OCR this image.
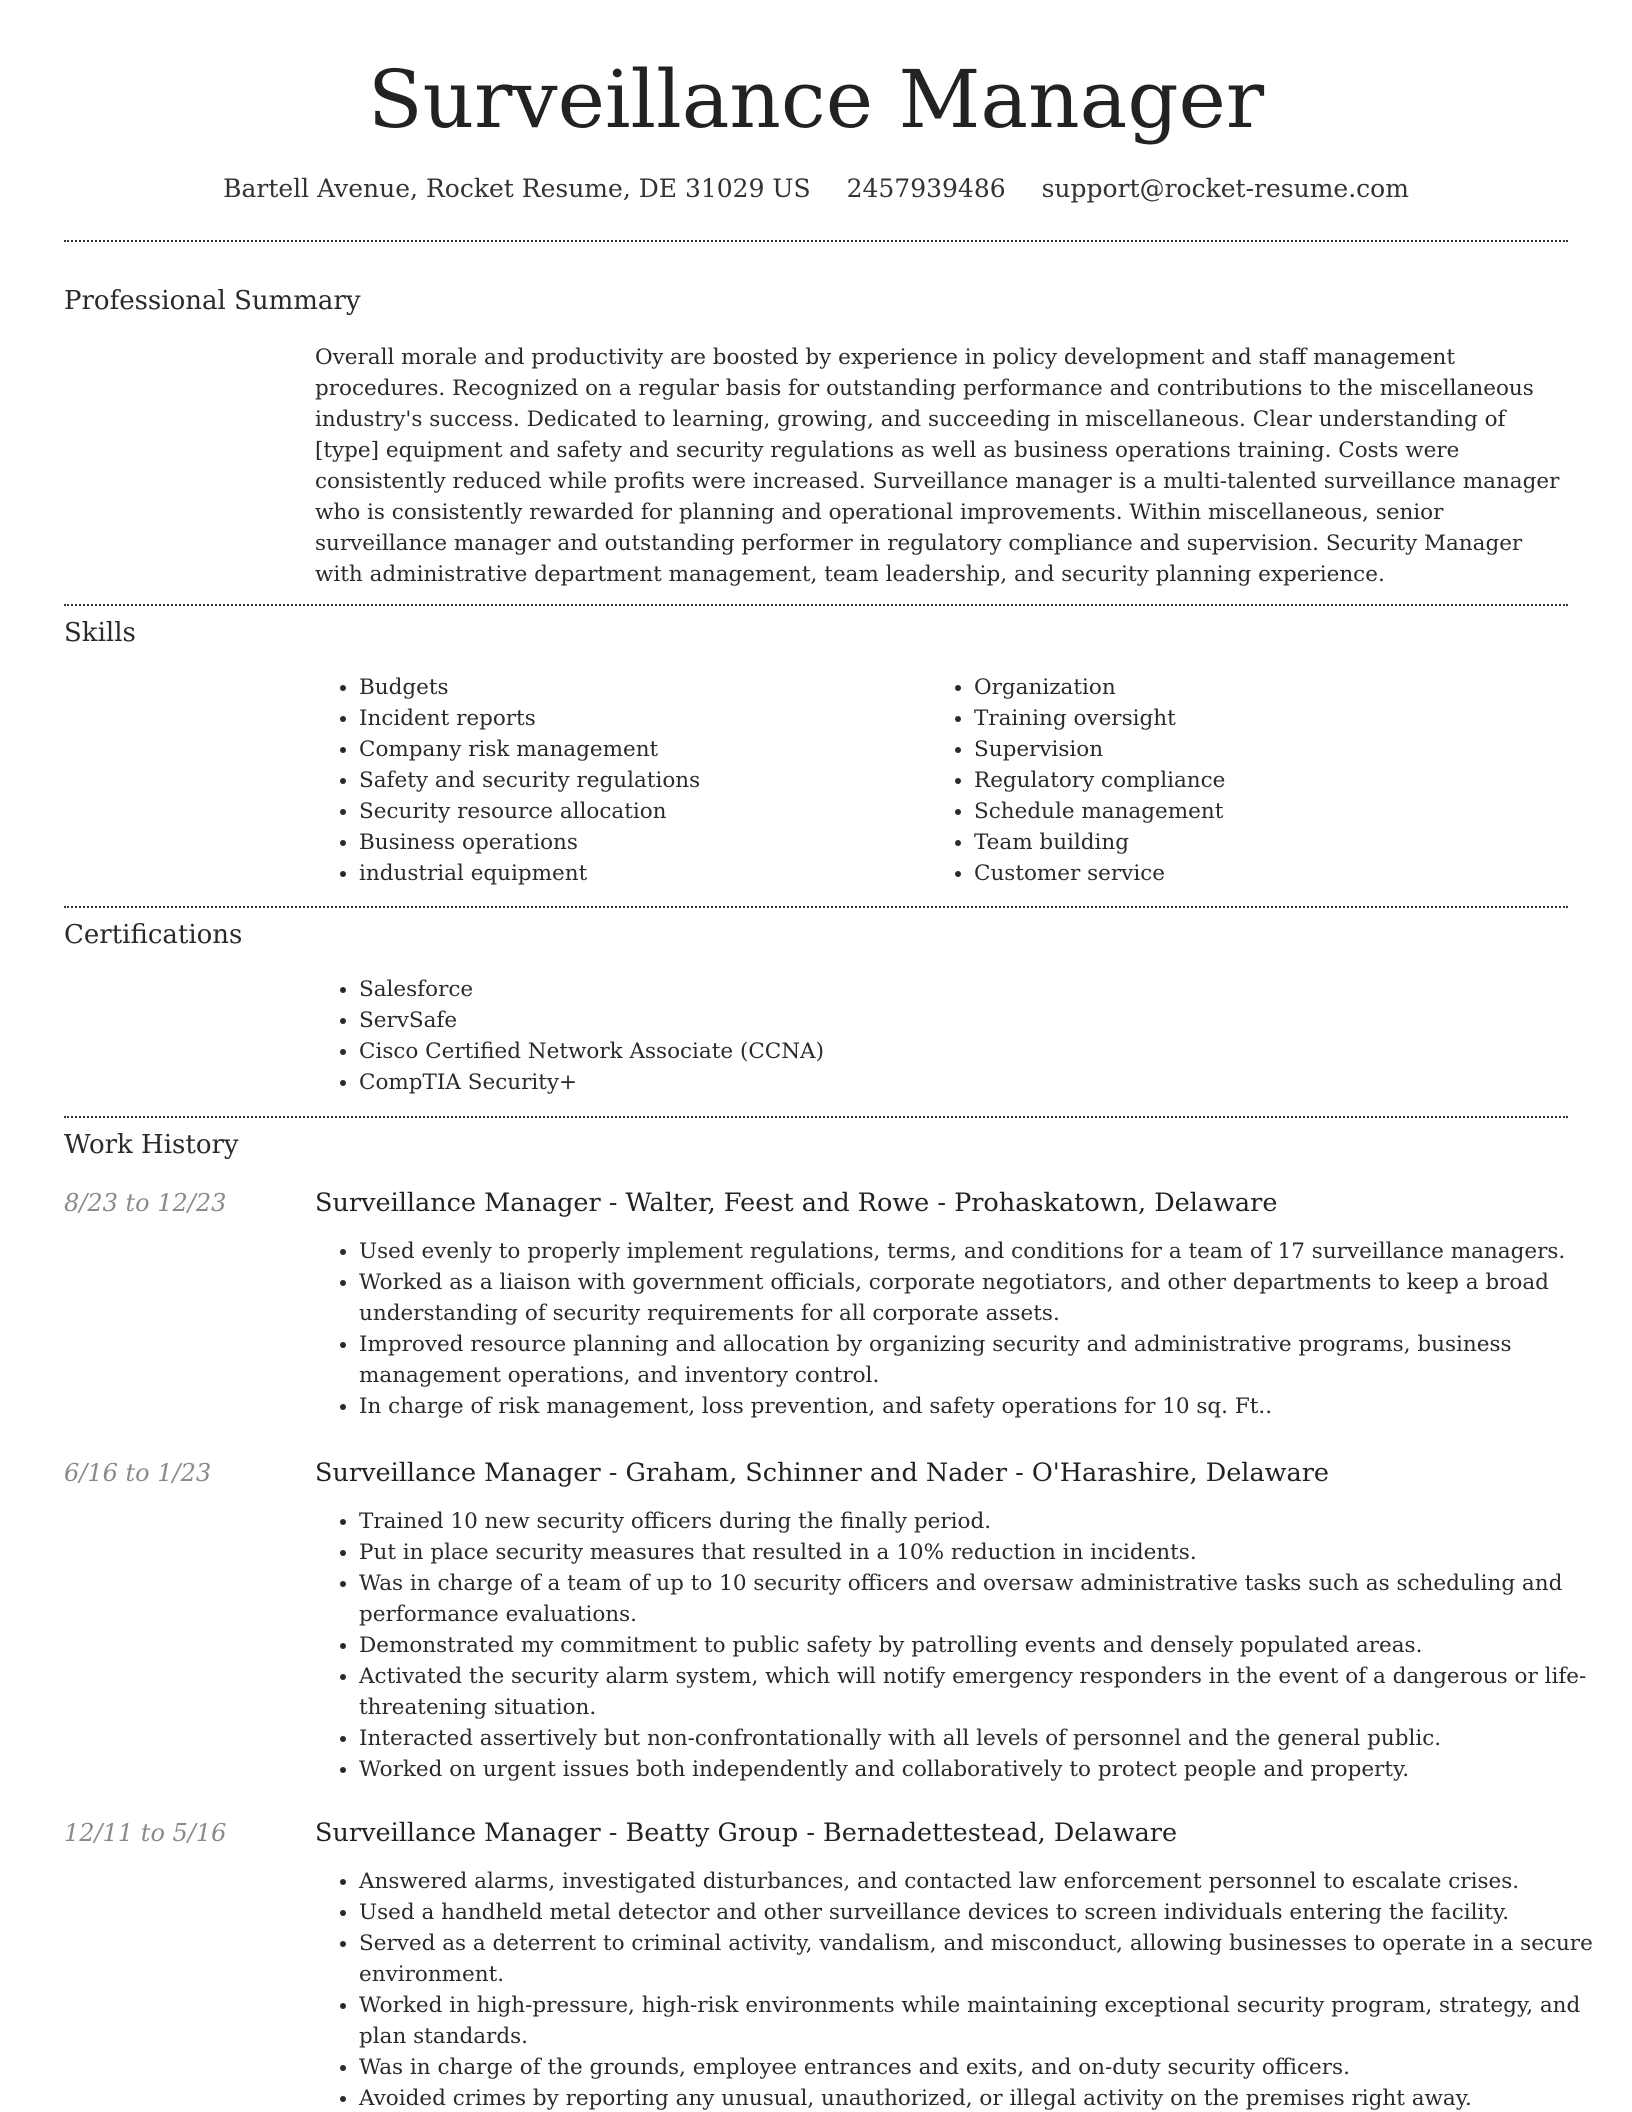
Surveillance Manager
Bartell Avenue, Rocket Resume, DE 31029 US 2457939486 support@rocket-resume.com
Professional Summary

Overall morale and productivity are boosted by experience in policy development and staff management procedures. Recognized on a regular basis for outstanding performance and contributions to the miscellaneous industry's success. Dedicated to learning, growing, and succeeding in miscellaneous. Clear understanding of [type] equipment and safety and security regulations as well as business operations training. Costs were consistently reduced while profits were increased. Surveillance manager is a multi-talented surveillance manager who is consistently rewarded for planning and operational improvements. Within miscellaneous, senior surveillance manager and outstanding performer in regulatory compliance and supervision. Security Manager with administrative department management, team leadership, and security planning experience.

Skills
• Budgets
• Incident reports
• Company risk management
• Safety and security regulations
• Security resource allocation
• Business operations
• industrial equipment
• Organization
• Training oversight
• Supervision
• Regulatory compliance
• Schedule management
• Team building
• Customer service
Certifications
• Salesforce
• ServSafe
• Cisco Certified Network Associate (CCNA)
• CompTIA Security+
Work History
8/23 to 12/23	Surveillance Manager - Walter, Feest and Rowe - Prohaskatown, Delaware
• Used evenly to properly implement regulations, terms, and conditions for a team of 17 surveillance managers.
• Worked as a liaison with government officials, corporate negotiators, and other departments to keep a broad understanding of security requirements for all corporate assets.
• Improved resource planning and allocation by organizing security and administrative programs, business management operations, and inventory control.
• In charge of risk management, loss prevention, and safety operations for 10 sq. Ft..
6/16 to 1/23	Surveillance Manager - Graham, Schinner and Nader - O'Harashire, Delaware
• Trained 10 new security officers during the finally period.
• Put in place security measures that resulted in a 10% reduction in incidents.
• Was in charge of a team of up to 10 security officers and oversaw administrative tasks such as scheduling and performance evaluations.
• Demonstrated my commitment to public safety by patrolling events and densely populated areas.
• Activated the security alarm system, which will notify emergency responders in the event of a dangerous or life-threatening situation.
• Interacted assertively but non-confrontationally with all levels of personnel and the general public.
• Worked on urgent issues both independently and collaboratively to protect people and property.
12/11 to 5/16	Surveillance Manager - Beatty Group - Bernadettestead, Delaware
• Answered alarms, investigated disturbances, and contacted law enforcement personnel to escalate crises.
• Used a handheld metal detector and other surveillance devices to screen individuals entering the facility.
• Served as a deterrent to criminal activity, vandalism, and misconduct, allowing businesses to operate in a secure environment.
• Worked in high-pressure, high-risk environments while maintaining exceptional security program, strategy, and plan standards.
• Was in charge of the grounds, employee entrances and exits, and on-duty security officers.
• Avoided crimes by reporting any unusual, unauthorized, or illegal activity on the premises right away.
